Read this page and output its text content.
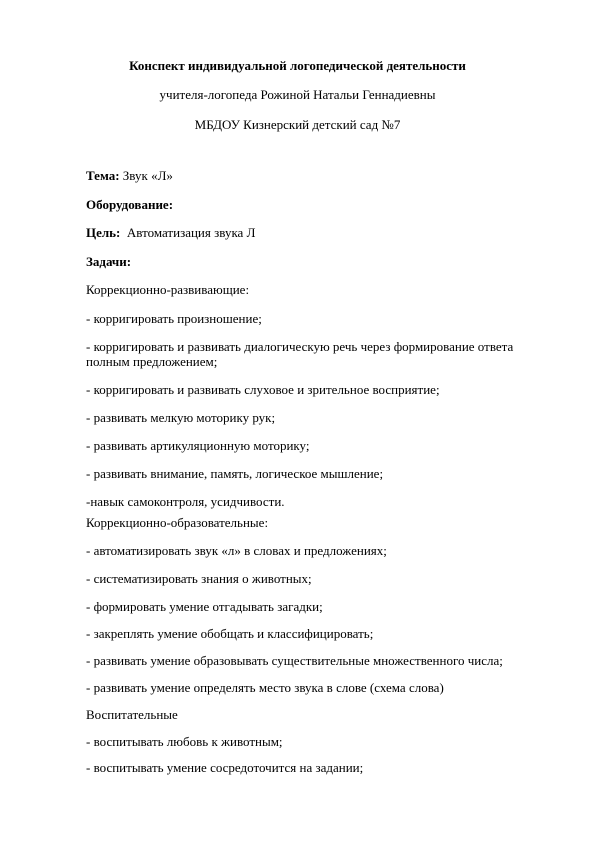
Конспект индивидуальной логопедической деятельности
учителя-логопеда Рожиной Натальи Геннадиевны
МБДОУ Кизнерский детский сад №7
Тема: Звук «Л»
Оборудование:
Цель: Автоматизация звука Л
Задачи:
Коррекционно-развивающие:
- корригировать произношение;
- корригировать и развивать диалогическую речь через формирование ответа полным предложением;
- корригировать и развивать слуховое и зрительное восприятие;
- развивать мелкую моторику рук;
- развивать артикуляционную моторику;
- развивать внимание, память, логическое мышление;
-навык самоконтроля, усидчивости.
Коррекционно-образовательные:
- автоматизировать звук «л» в словах и предложениях;
- систематизировать знания о животных;
- формировать умение отгадывать загадки;
- закреплять умение обобщать и классифицировать;
- развивать умение образовывать существительные множественного числа;
- развивать умение определять место звука в слове (схема слова)
Воспитательные
- воспитывать любовь к животным;
- воспитывать умение сосредоточится на задании;
